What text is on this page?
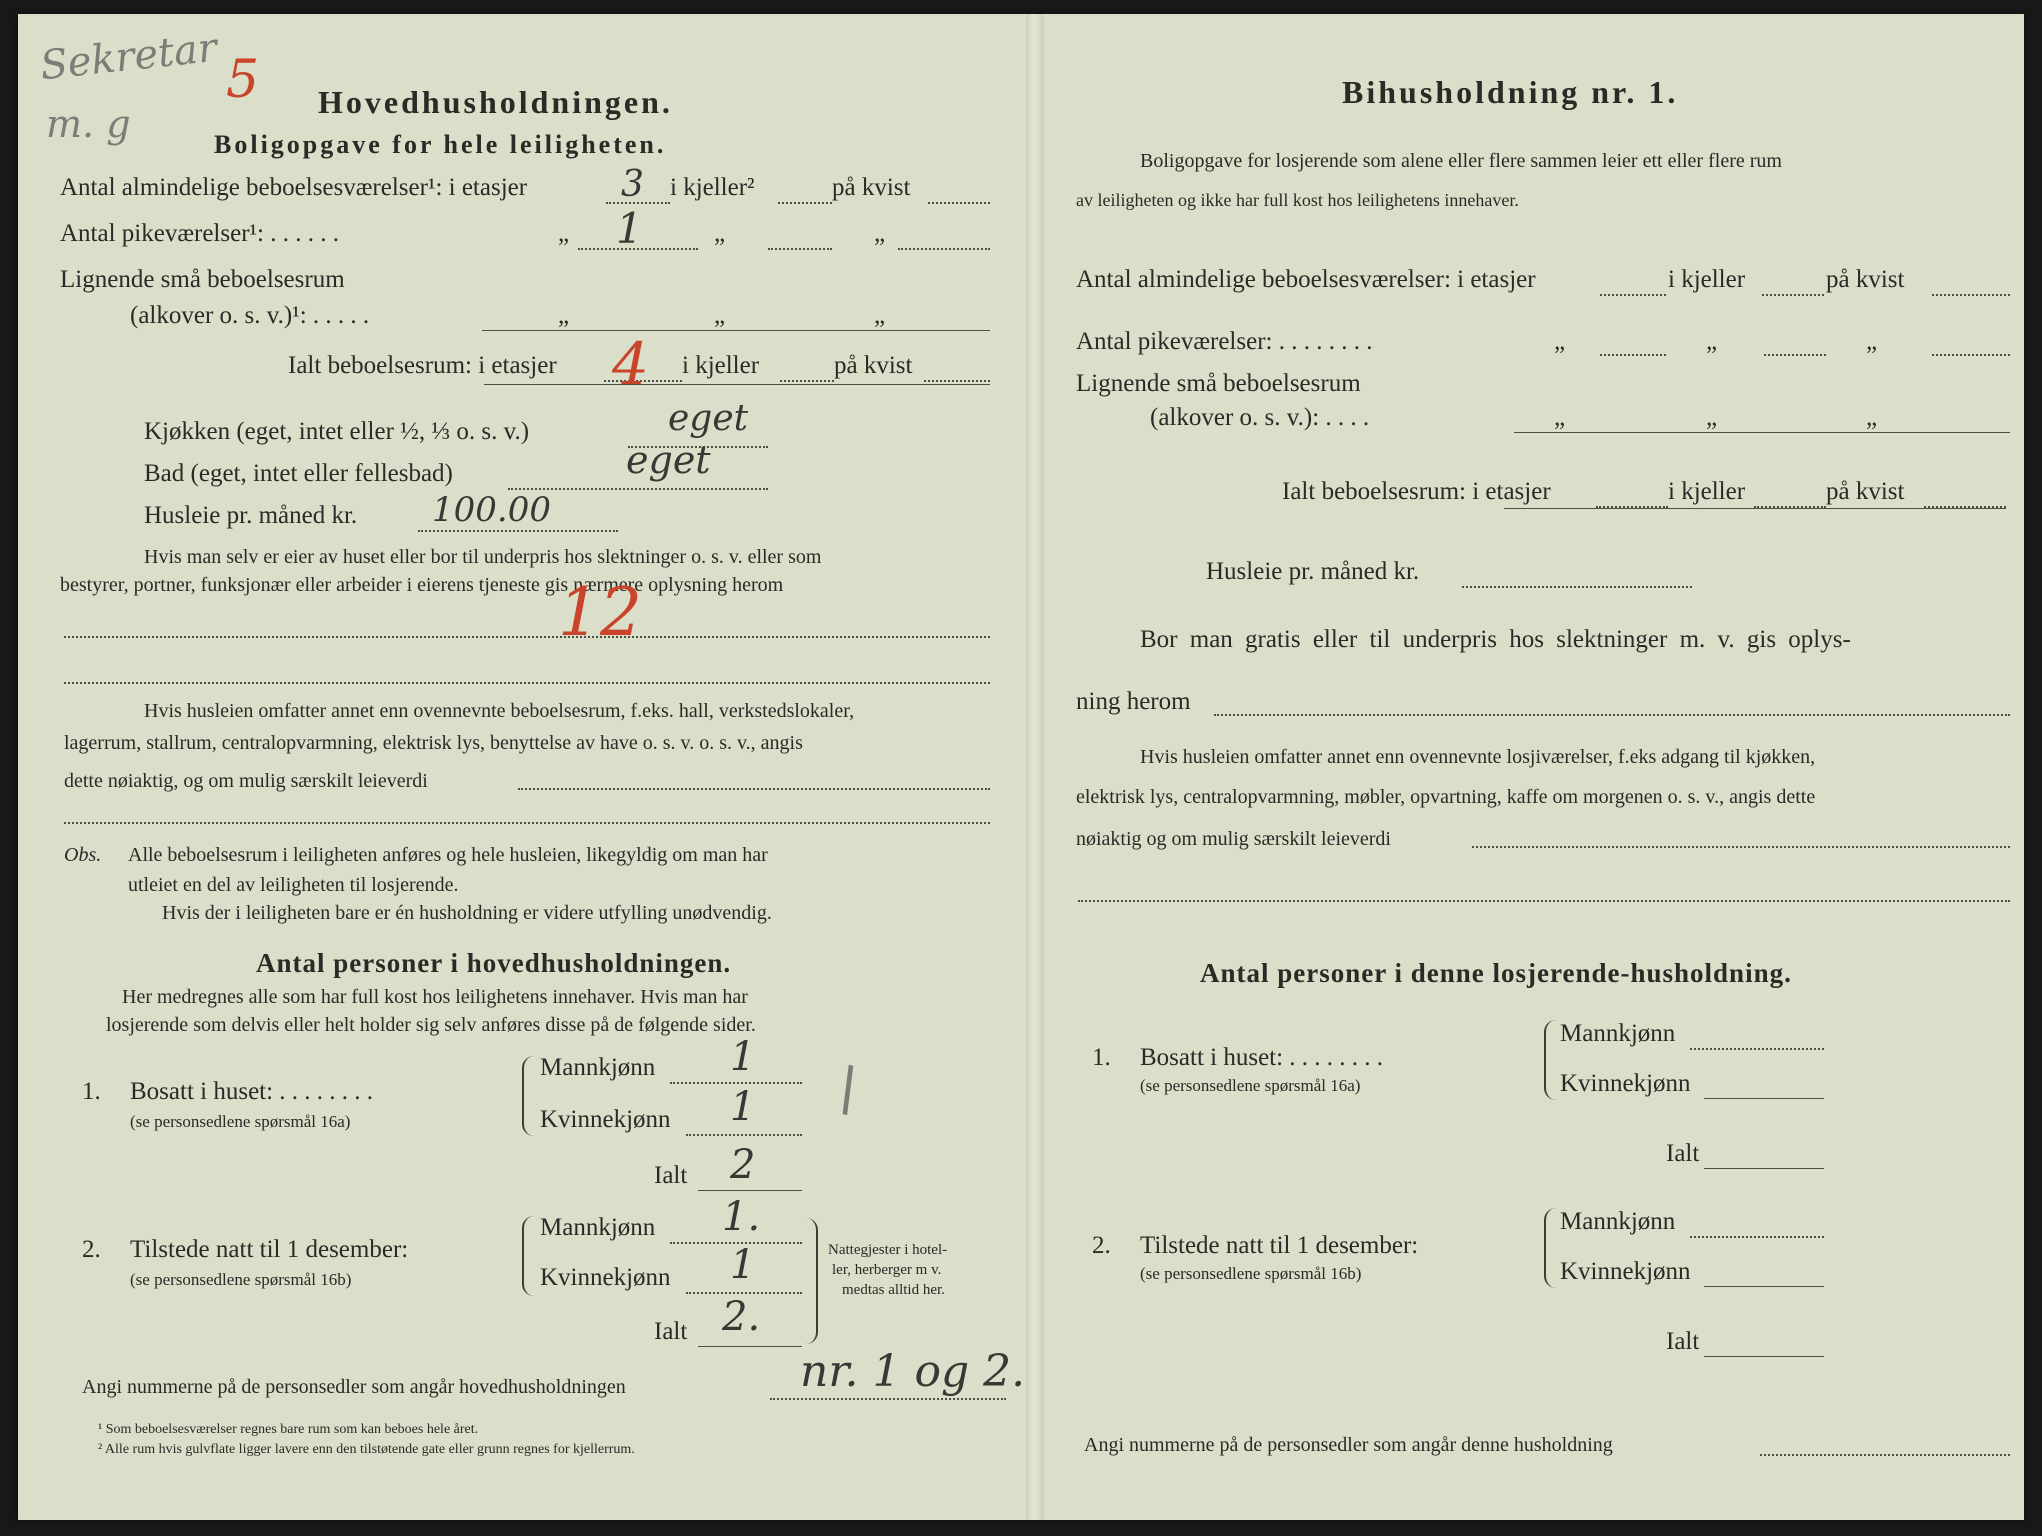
Sekretar
m. g
5 Hovedhusholdningen.
Boligopgave for hele leiligheten.
Antal almindelige beboelsesværelser¹: i etasjer	3 i kjeller²	på kvist
Antal pikeværelser¹: . . . . . .	„ 1	„	„
Lignende små beboelsesrum
(alkover o. s. v.)¹: . . . . .	„	„	„
Ialt beboelsesrum: i etasjer 4 i kjeller	på kvist
Kjøkken (eget, intet eller ½, ⅓ o. s. v.)	eget
Bad (eget, intet eller fellesbad)	eget
Husleie pr. måned kr. 100.00
Hvis man selv er eier av huset eller bor til underpris hos slektninger o. s. v. eller som
bestyrer, portner, funksjonær eller arbeider i eierens tjeneste gis nærmere oplysning herom
12
Hvis husleien omfatter annet enn ovennevnte beboelsesrum, f.eks. hall, verkstedslokaler,
lagerrum, stallrum, centralopvarmning, elektrisk lys, benyttelse av have o. s. v. o. s. v., angis
dette nøiaktig, og om mulig særskilt leieverdi
Obs. Alle beboelsesrum i leiligheten anføres og hele husleien, likegyldig om man har
utleiet en del av leiligheten til losjerende.
Hvis der i leiligheten bare er én husholdning er videre utfylling unødvendig.
Antal personer i hovedhusholdningen.
Her medregnes alle som har full kost hos leilighetens innehaver. Hvis man har
losjerende som delvis eller helt holder sig selv anføres disse på de følgende sider.
1. Bosatt i huset: . . . . . . . .
(se personsedlene spørsmål 16a)
Mannkjønn 1
Kvinnekjønn 1
Ialt 2
\
2. Tilstede natt til 1 desember:
(se personsedlene spørsmål 16b)
Mannkjønn 1.
Kvinnekjønn 1
Ialt 2.
Nattegjester i hotel-
ler, herberger m v.
medtas alltid her.
Angi nummerne på de personsedler som angår hovedhusholdningen	nr. 1 og 2.
¹ Som beboelsesværelser regnes bare rum som kan beboes hele året.
² Alle rum hvis gulvflate ligger lavere enn den tilstøtende gate eller grunn regnes for kjellerrum.
Bihusholdning nr. 1.
Boligopgave for losjerende som alene eller flere sammen leier ett eller flere rum
av leiligheten og ikke har full kost hos leilighetens innehaver.
Antal almindelige beboelsesværelser: i etasjer	i kjeller	på kvist
Antal pikeværelser: . . . . . . . .	„	„	„
Lignende små beboelsesrum
(alkover o. s. v.): . . . .	„	„	„
Ialt beboelsesrum: i etasjer	i kjeller	på kvist
Husleie pr. måned kr.
Bor man gratis eller til underpris hos slektninger m. v. gis oplys-
ning herom
Hvis husleien omfatter annet enn ovennevnte losjiværelser, f.eks adgang til kjøkken,
elektrisk lys, centralopvarmning, møbler, opvartning, kaffe om morgenen o. s. v., angis dette
nøiaktig og om mulig særskilt leieverdi
Antal personer i denne losjerende-husholdning.
1. Bosatt i huset: . . . . . . . .
(se personsedlene spørsmål 16a)
Mannkjønn
Kvinnekjønn
Ialt
2. Tilstede natt til 1 desember:
(se personsedlene spørsmål 16b)
Mannkjønn
Kvinnekjønn
Ialt
Angi nummerne på de personsedler som angår denne husholdning
